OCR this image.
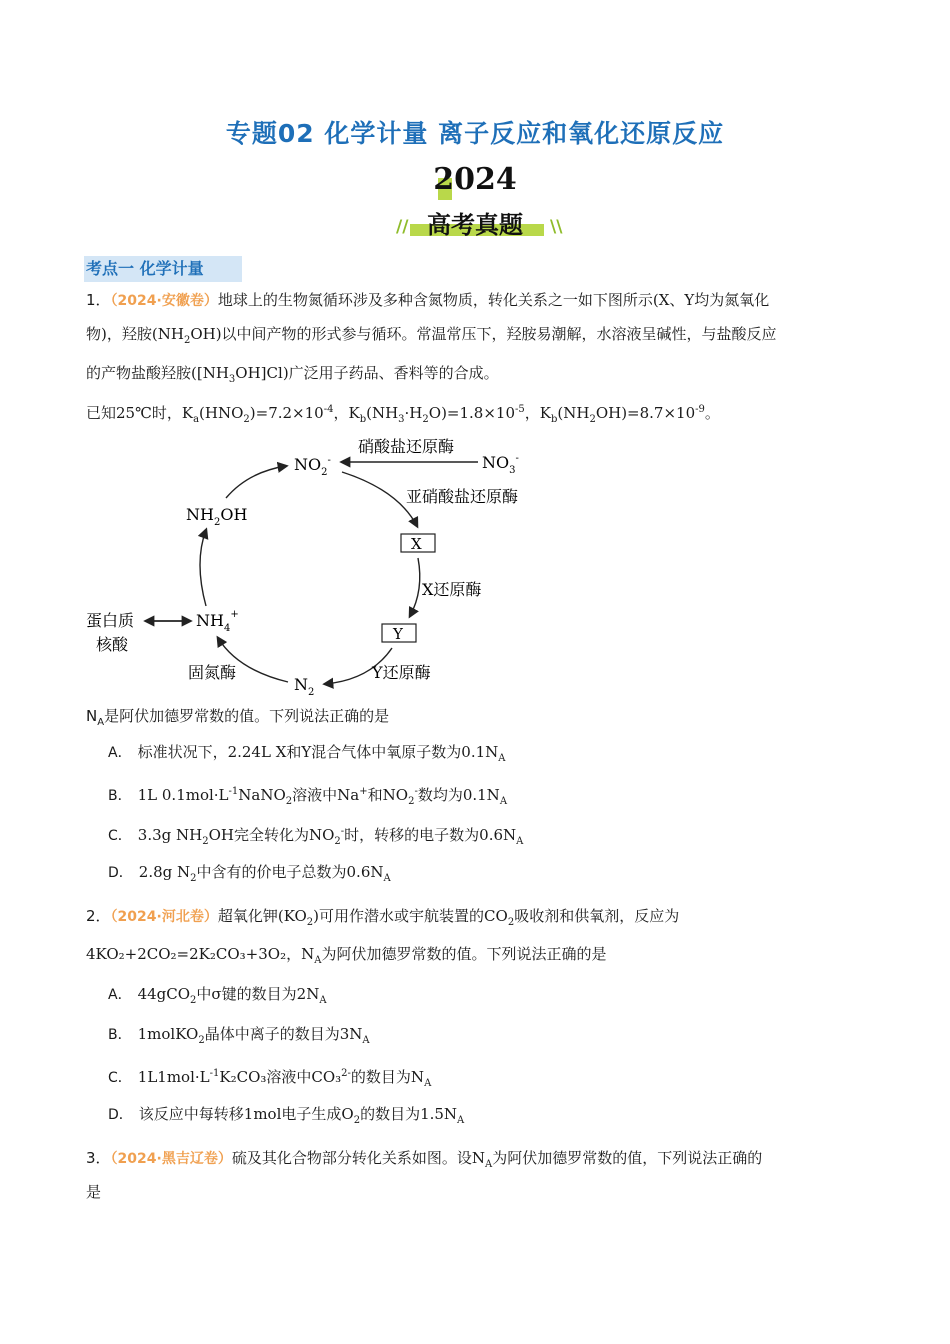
专题02 化学计量 离子反应和氧化还原反应
2024
//	\\
高考真题
考点一 化学计量
1．（2024·安徽卷）地球上的生物氮循环涉及多种含氮物质，转化关系之一如下图所示(X、Y均为氮氧化
物)，羟胺$(NH_2OH)$以中间产物的形式参与循环。常温常压下，羟胺易潮解，水溶液呈碱性，与盐酸反应
的产物盐酸羟胺$([NH_3OH]Cl)$广泛用子药品、香料等的合成。
已知25℃时，$K_a(HNO_2)=7.2\times 10^{-4}$，$K_b(NH_3\cdot H_2O)=1.8\times 10^{-5}$，$K_b(NH_2OH)=8.7\times 10^{-9}$。
$NO_2^-$	$NO_3^-$
硝酸盐还原酶
亚硝酸盐还原酶
X
X还原酶
Y
Y还原酶
$N_2$
固氮酶
$NH_4^+$
蛋白质
核酸
$NH_2OH$
$N_A$是阿伏加德罗常数的值。下列说法正确的是
A． 标准状况下，2.24L X和Y混合气体中氧原子数为$0.1N_A$
B． 1L $0.1mol\cdot L^{-1}NaNO_2$溶液中Na+和$NO_2^-$数均为$0.1N_A$
C． 3.3g $NH_2OH$完全转化为$NO_2^-$时，转移的电子数为$0.6N_A$
D． 2.8g $N_2$中含有的价电子总数为$0.6N_A$
2．（2024·河北卷）超氧化钾$(KO_2)$可用作潜水或宇航装置的$CO_2$吸收剂和供氧剂，反应为
4KO₂+2CO₂=2K₂CO₃+3O₂，$N_A$为阿伏加德罗常数的值。下列说法正确的是
A． 44gCO$_2$中σ键的数目为$2N_A$
B． 1molKO$_2$晶体中离子的数目为$3N_A$
C． $1L1mol\cdot L^{-1}K_2CO_3$溶液中CO₃$^{2-}$的数目为$N_A$
D． 该反应中每转移1mol电子生成$O_2$的数目为$1.5N_A$
3．（2024·黑吉辽卷）硫及其化合物部分转化关系如图。设$N_A$为阿伏加德罗常数的值，下列说法正确的
是
